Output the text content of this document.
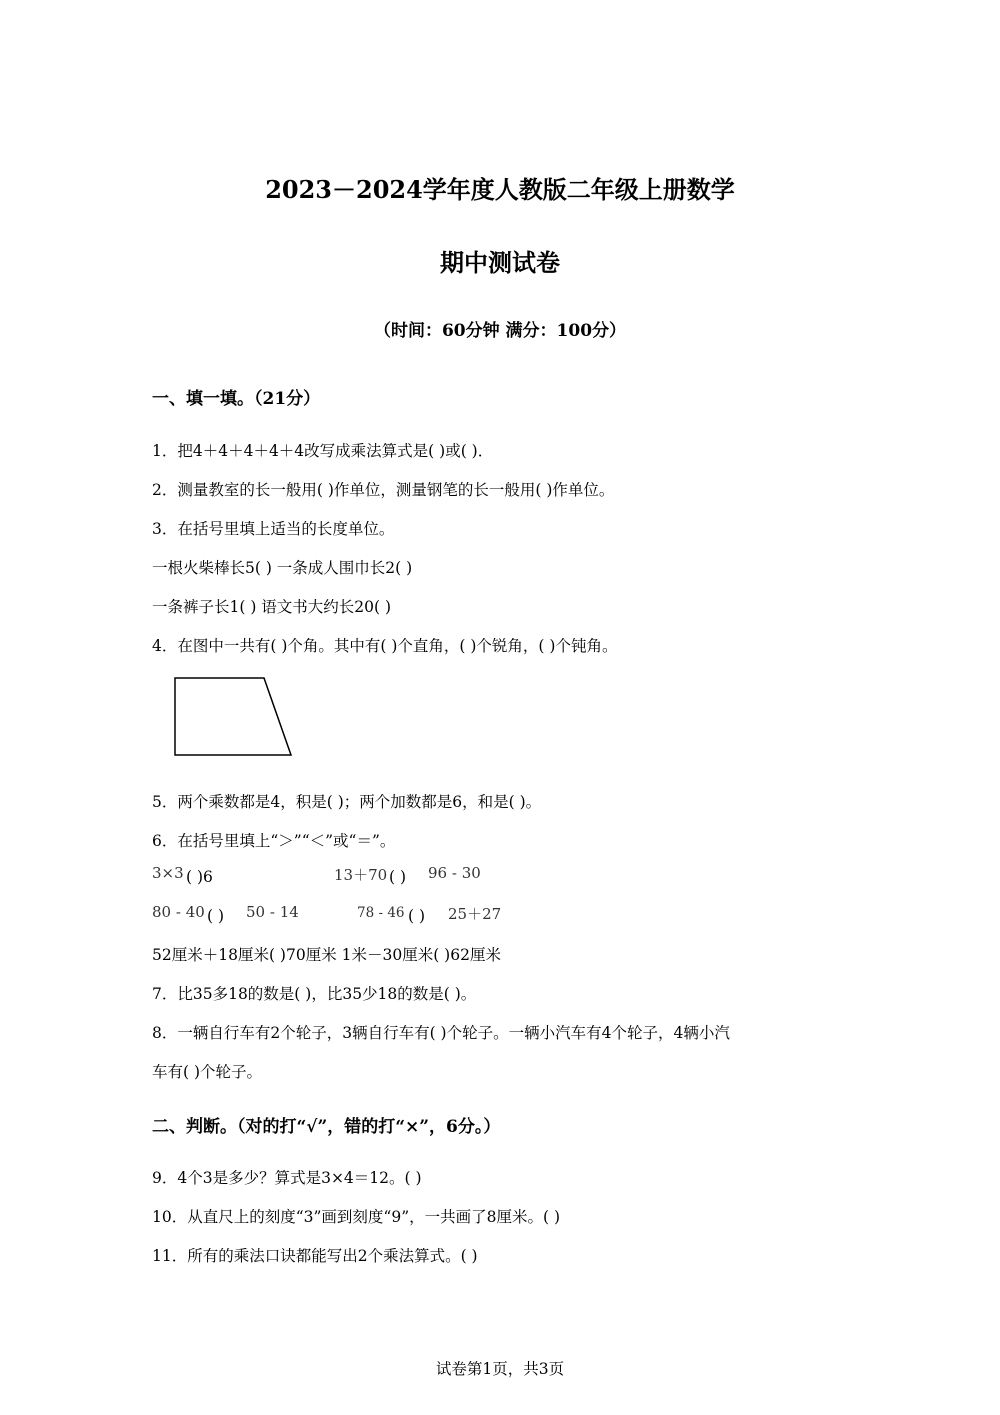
2023－2024学年度人教版二年级上册数学
期中测试卷
（时间：60分钟 满分：100分）
一、填一填。（21分）
1．把4＋4＋4＋4＋4改写成乘法算式是( )或( )．
2．测量教室的长一般用( )作单位，测量钢笔的长一般用( )作单位。
3．在括号里填上适当的长度单位。
一根火柴棒长5( ) 一条成人围巾长2( )
一条裤子长1( ) 语文书大约长20( )
4．在图中一共有( )个角。其中有( )个直角，( )个锐角，( )个钝角。
5．两个乘数都是4，积是( )；两个加数都是6，和是( )。
6．在括号里填上“＞”“＜”或“＝”。
3×3 ( )6	13＋70 ( ) 96 - 30
80 - 40 ( ) 50 - 14	78 - 46 ( ) 25＋27
52厘米＋18厘米( )70厘米 1米－30厘米( )62厘米
7．比35多18的数是( )，比35少18的数是( )。
8．一辆自行车有2个轮子，3辆自行车有( )个轮子。一辆小汽车有4个轮子，4辆小汽
车有( )个轮子。
二、判断。（对的打“√”，错的打“×”，6分。）
9．4个3是多少？算式是3×4＝12。( )
10．从直尺上的刻度“3”画到刻度“9”，一共画了8厘米。( )
11．所有的乘法口诀都能写出2个乘法算式。( )
试卷第1页，共3页
